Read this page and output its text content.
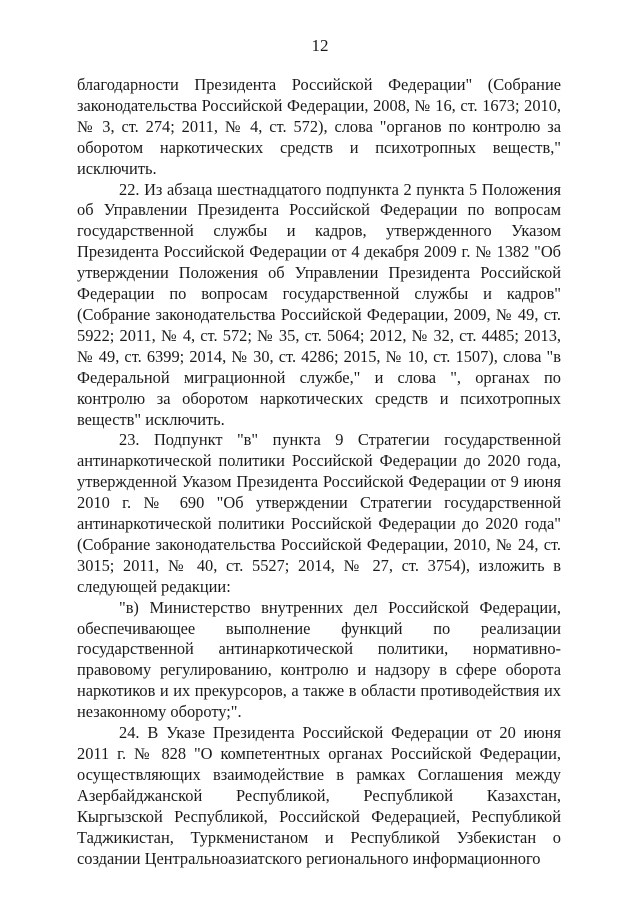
12

благодарности Президента Российской Федерации" (Собрание законодательства Российской Федерации, 2008, № 16, ст. 1673; 2010, № 3, ст. 274; 2011, № 4, ст. 572), слова "органов по контролю за оборотом наркотических средств и психотропных веществ," исключить.

22. Из абзаца шестнадцатого подпункта 2 пункта 5 Положения об Управлении Президента Российской Федерации по вопросам государственной службы и кадров, утвержденного Указом Президента Российской Федерации от 4 декабря 2009 г. № 1382 "Об утверждении Положения об Управлении Президента Российской Федерации по вопросам государственной службы и кадров" (Собрание законодательства Российской Федерации, 2009, № 49, ст. 5922; 2011, № 4, ст. 572; № 35, ст. 5064; 2012, № 32, ст. 4485; 2013, № 49, ст. 6399; 2014, № 30, ст. 4286; 2015, № 10, ст. 1507), слова "в Федеральной миграционной службе," и слова ", органах по контролю за оборотом наркотических средств и психотропных веществ" исключить.

23. Подпункт "в" пункта 9 Стратегии государственной антинаркотической политики Российской Федерации до 2020 года, утвержденной Указом Президента Российской Федерации от 9 июня 2010 г. № 690 "Об утверждении Стратегии государственной антинаркотической политики Российской Федерации до 2020 года" (Собрание законодательства Российской Федерации, 2010, № 24, ст. 3015; 2011, № 40, ст. 5527; 2014, № 27, ст. 3754), изложить в следующей редакции:

"в) Министерство внутренних дел Российской Федерации, обеспечивающее выполнение функций по реализации государственной антинаркотической политики, нормативно-правовому регулированию, контролю и надзору в сфере оборота наркотиков и их прекурсоров, а также в области противодействия их незаконному обороту;".

24. В Указе Президента Российской Федерации от 20 июня 2011 г. № 828 "О компетентных органах Российской Федерации, осуществляющих взаимодействие в рамках Соглашения между Азербайджанской Республикой, Республикой Казахстан, Кыргызской Республикой, Российской Федерацией, Республикой Таджикистан, Туркменистаном и Республикой Узбекистан о создании Центральноазиатского регионального информационного
